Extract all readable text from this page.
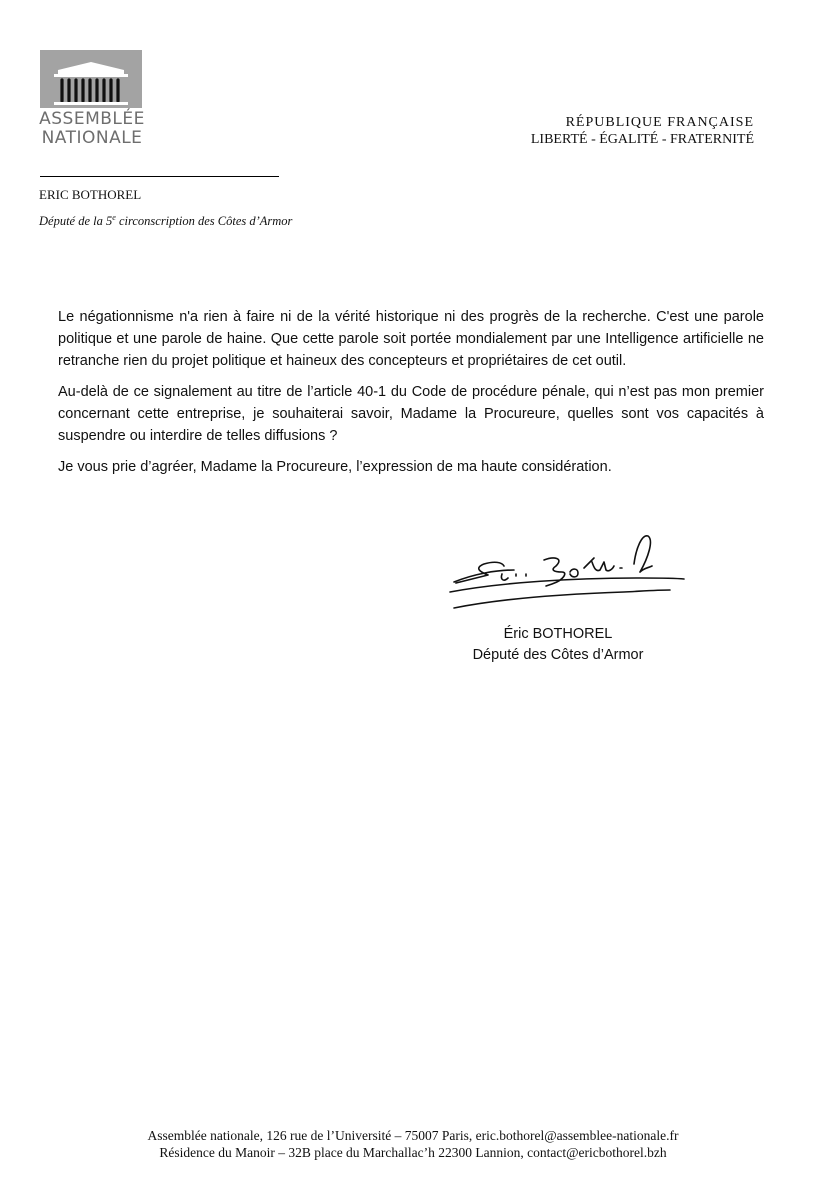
ASSEMBLÉE
NATIONALE
RÉPUBLIQUE FRANÇAISE
LIBERTÉ - ÉGALITÉ - FRATERNITÉ
ERIC BOTHOREL
Député de la 5e circonscription des Côtes d’Armor

Le négationnisme n'a rien à faire ni de la vérité historique ni des progrès de la recherche. C'est une parole politique et une parole de haine. Que cette parole soit portée mondialement par une Intelligence artificielle ne retranche rien du projet politique et haineux des concepteurs et propriétaires de cet outil.

Au-delà de ce signalement au titre de l’article 40-1 du Code de procédure pénale, qui n’est pas mon premier concernant cette entreprise, je souhaiterai savoir, Madame la Procureure, quelles sont vos capacités à suspendre ou interdire de telles diffusions ?

Je vous prie d’agréer, Madame la Procureure, l’expression de ma haute considération.

Éric BOTHOREL
Député des Côtes d’Armor
Assemblée nationale, 126 rue de l’Université – 75007 Paris, eric.bothorel@assemblee-nationale.fr
Résidence du Manoir – 32B place du Marchallac’h 22300 Lannion, contact@ericbothorel.bzh
